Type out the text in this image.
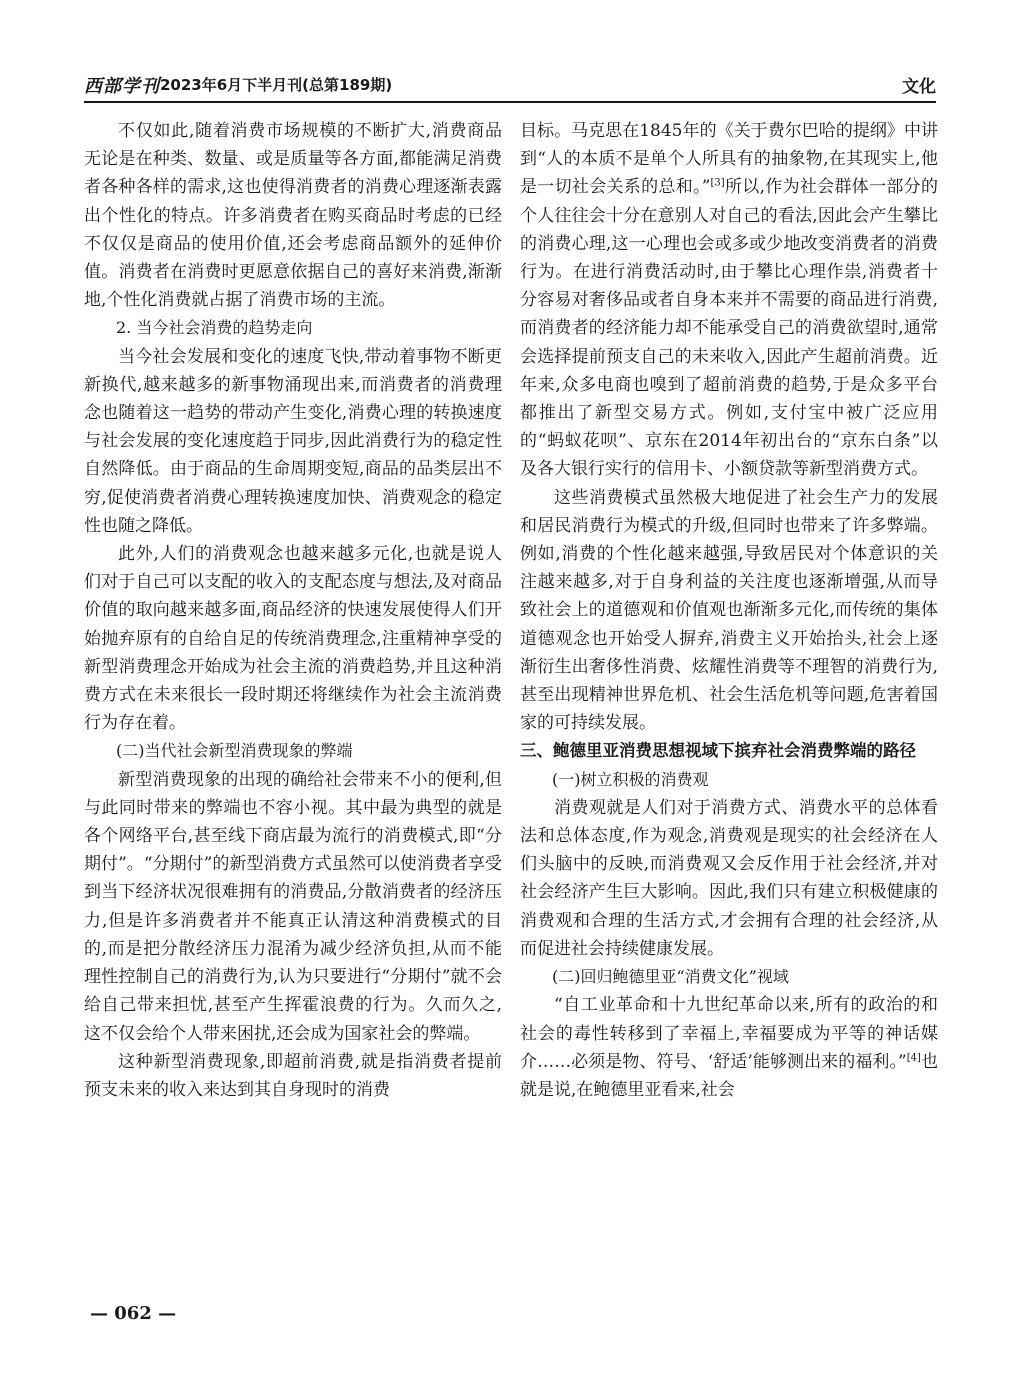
西部学刊 2023年6月下半月刊(总第189期)	文化

不仅如此,随着消费市场规模的不断扩大,消费商品无论是在种类、数量、或是质量等各方面,都能满足消费者各种各样的需求,这也使得消费者的消费心理逐渐表露出个性化的特点。许多消费者在购买商品时考虑的已经不仅仅是商品的使用价值,还会考虑商品额外的延伸价值。消费者在消费时更愿意依据自己的喜好来消费,渐渐地,个性化消费就占据了消费市场的主流。

2. 当今社会消费的趋势走向

当今社会发展和变化的速度飞快,带动着事物不断更新换代,越来越多的新事物涌现出来,而消费者的消费理念也随着这一趋势的带动产生变化,消费心理的转换速度与社会发展的变化速度趋于同步,因此消费行为的稳定性自然降低。由于商品的生命周期变短,商品的品类层出不穷,促使消费者消费心理转换速度加快、消费观念的稳定性也随之降低。

此外,人们的消费观念也越来越多元化,也就是说人们对于自己可以支配的收入的支配态度与想法,及对商品价值的取向越来越多面,商品经济的快速发展使得人们开始抛弃原有的自给自足的传统消费理念,注重精神享受的新型消费理念开始成为社会主流的消费趋势,并且这种消费方式在未来很长一段时期还将继续作为社会主流消费行为存在着。

(二)当代社会新型消费现象的弊端

新型消费现象的出现的确给社会带来不小的便利,但与此同时带来的弊端也不容小视。其中最为典型的就是各个网络平台,甚至线下商店最为流行的消费模式,即“分期付”。“分期付”的新型消费方式虽然可以使消费者享受到当下经济状况很难拥有的消费品,分散消费者的经济压力,但是许多消费者并不能真正认清这种消费模式的目的,而是把分散经济压力混淆为减少经济负担,从而不能理性控制自己的消费行为,认为只要进行“分期付”就不会给自己带来担忧,甚至产生挥霍浪费的行为。久而久之,这不仅会给个人带来困扰,还会成为国家社会的弊端。

这种新型消费现象,即超前消费,就是指消费者提前预支未来的收入来达到其自身现时的消费

目标。马克思在1845年的《关于费尔巴哈的提纲》中讲到“人的本质不是单个人所具有的抽象物,在其现实上,他是一切社会关系的总和。”[3]所以,作为社会群体一部分的个人往往会十分在意别人对自己的看法,因此会产生攀比的消费心理,这一心理也会或多或少地改变消费者的消费行为。在进行消费活动时,由于攀比心理作祟,消费者十分容易对奢侈品或者自身本来并不需要的商品进行消费,而消费者的经济能力却不能承受自己的消费欲望时,通常会选择提前预支自己的未来收入,因此产生超前消费。近年来,众多电商也嗅到了超前消费的趋势,于是众多平台都推出了新型交易方式。例如,支付宝中被广泛应用的“蚂蚁花呗”、京东在2014年初出台的“京东白条”以及各大银行实行的信用卡、小额贷款等新型消费方式。

这些消费模式虽然极大地促进了社会生产力的发展和居民消费行为模式的升级,但同时也带来了许多弊端。例如,消费的个性化越来越强,导致居民对个体意识的关注越来越多,对于自身利益的关注度也逐渐增强,从而导致社会上的道德观和价值观也渐渐多元化,而传统的集体道德观念也开始受人摒弃,消费主义开始抬头,社会上逐渐衍生出奢侈性消费、炫耀性消费等不理智的消费行为,甚至出现精神世界危机、社会生活危机等问题,危害着国家的可持续发展。

三、鲍德里亚消费思想视域下摈弃社会消费弊端的路径

(一)树立积极的消费观

消费观就是人们对于消费方式、消费水平的总体看法和总体态度,作为观念,消费观是现实的社会经济在人们头脑中的反映,而消费观又会反作用于社会经济,并对社会经济产生巨大影响。因此,我们只有建立积极健康的消费观和合理的生活方式,才会拥有合理的社会经济,从而促进社会持续健康发展。

(二)回归鲍德里亚“消费文化”视域

“自工业革命和十九世纪革命以来,所有的政治的和社会的毒性转移到了幸福上,幸福要成为平等的神话媒介……必须是物、符号、‘舒适’能够测出来的福利。”[4]也就是说,在鲍德里亚看来,社会

— 062 —
